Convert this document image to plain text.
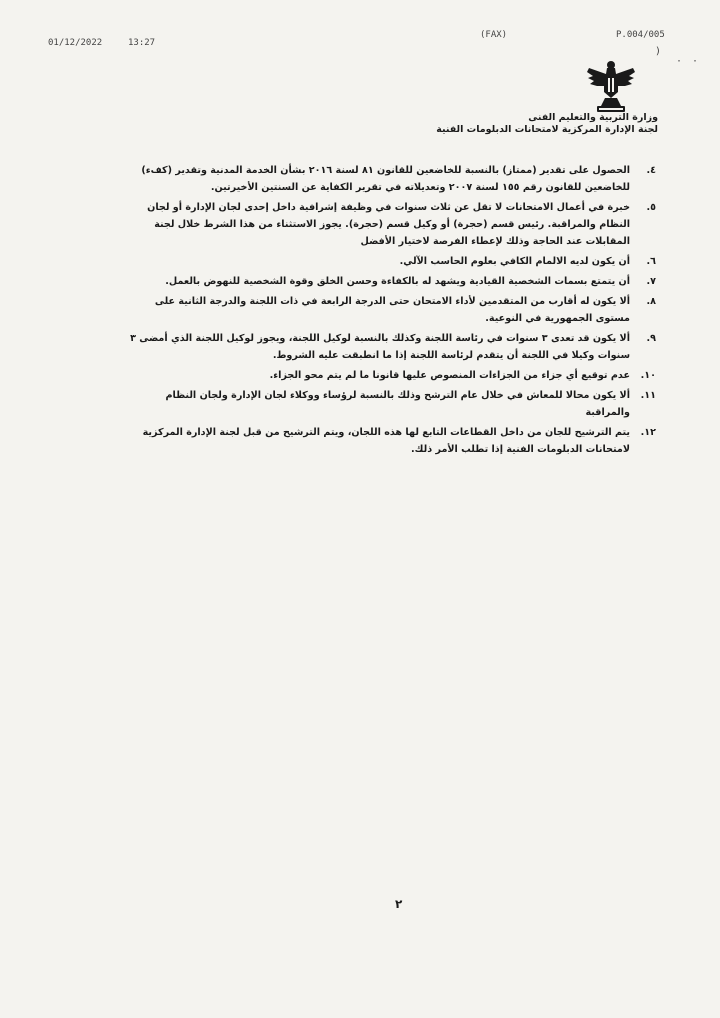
01/12/2022	13:27
(FAX)	P.004/005
)
· ·
وزارة التربية والتعليم الفنى
لجنة الإدارة المركزية لامتحانات الدبلومات الفنية
٤.
الحصول على تقدير (ممتاز) بالنسبة للخاضعين للقانون ٨١ لسنة ٢٠١٦ بشأن الخدمة المدنية وتقدير (كفء) للخاضعين للقانون رقم ١٥٥ لسنة ٢٠٠٧ وتعديلاته في تقرير الكفاية عن السنتين الأخيرتين.
٥.
خبرة في أعمال الامتحانات لا تقل عن ثلاث سنوات في وظيفة إشرافية داخل إحدى لجان الإدارة أو لجان النظام والمراقبة. رئيس قسم (حجرة) أو وكيل قسم (حجرة). يجوز الاستثناء من هذا الشرط خلال لجنة المقابلات عند الحاجة وذلك لإعطاء الفرصة لاختيار الأفضل
٦.
أن يكون لديه الالمام الكافي بعلوم الحاسب الآلي.
٧.
أن يتمتع بسمات الشخصية القيادية ويشهد له بالكفاءة وحسن الخلق وقوة الشخصية للنهوض بالعمل.
٨.
ألا يكون له أقارب من المتقدمين لأداء الامتحان حتى الدرجة الرابعة في ذات اللجنة والدرجة الثانية على مستوى الجمهورية في النوعية.
٩.
ألا يكون قد تعدى ٣ سنوات في رئاسة اللجنة وكذلك بالنسبة لوكيل اللجنة، ويجوز لوكيل اللجنة الذي أمضى ٣ سنوات وكيلا في اللجنة أن يتقدم لرئاسة اللجنة إذا ما انطبقت عليه الشروط.
١٠.
عدم توقيع أي جزاء من الجزاءات المنصوص عليها قانونا ما لم يتم محو الجزاء.
١١.
ألا يكون محالا للمعاش في خلال عام الترشح وذلك بالنسبة لرؤساء ووكلاء لجان الإدارة ولجان النظام والمراقبة
١٢.
يتم الترشيح للجان من داخل القطاعات التابع لها هذه اللجان، ويتم الترشيح من قبل لجنة الإدارة المركزية لامتحانات الدبلومات الفنية إذا تطلب الأمر ذلك.
٢
